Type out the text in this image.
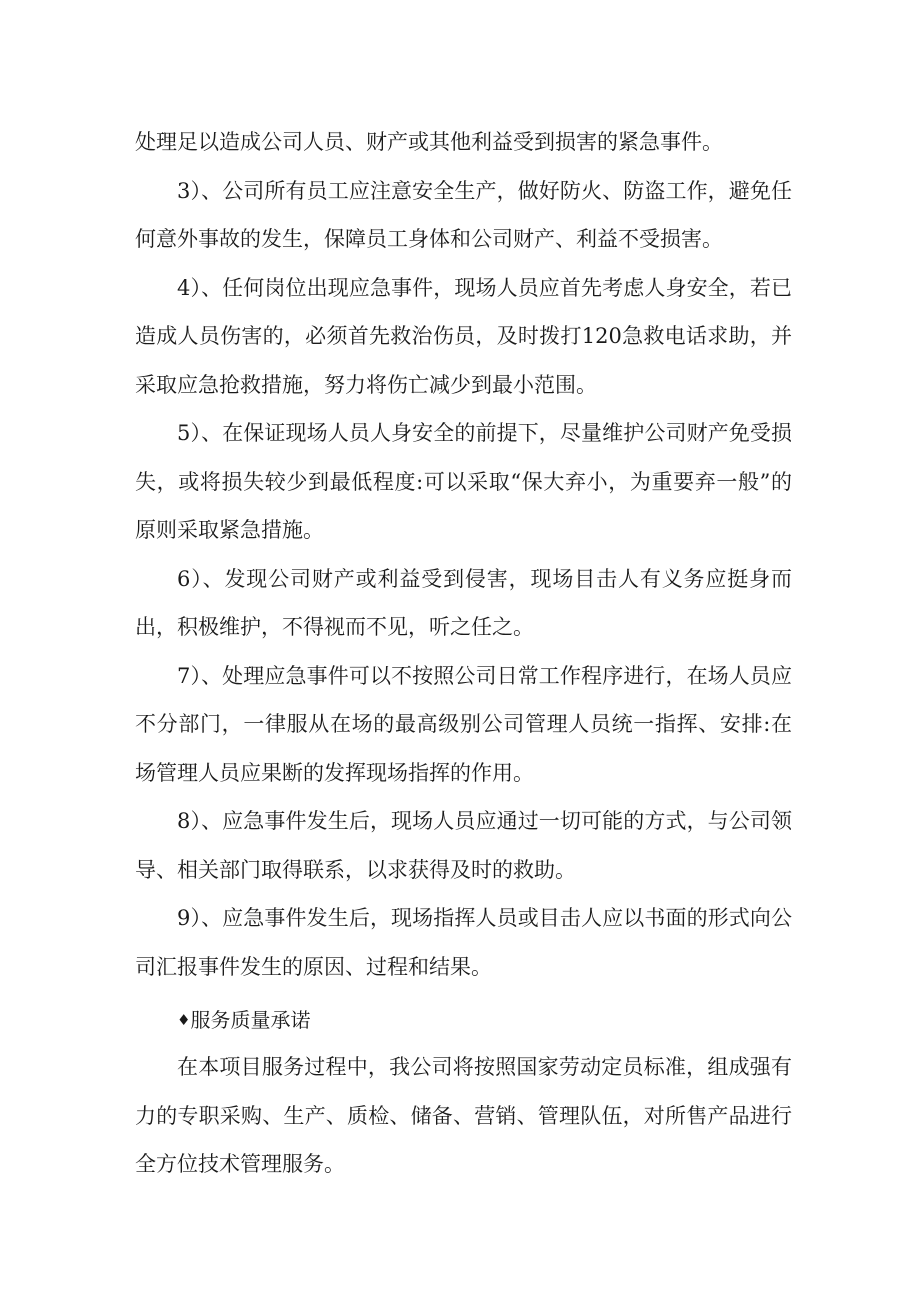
处理足以造成公司人员、财产或其他利益受到损害的紧急事件。

3）、公司所有员工应注意安全生产，做好防火、防盗工作，避免任何意外事故的发生，保障员工身体和公司财产、利益不受损害。

4）、任何岗位出现应急事件，现场人员应首先考虑人身安全，若已造成人员伤害的，必须首先救治伤员，及时拨打120急救电话求助，并采取应急抢救措施，努力将伤亡减少到最小范围。

5）、在保证现场人员人身安全的前提下，尽量维护公司财产免受损失，或将损失较少到最低程度:可以采取“保大弃小，为重要弃一般”的原则采取紧急措施。

6）、发现公司财产或利益受到侵害，现场目击人有义务应挺身而出，积极维护，不得视而不见，听之任之。

7）、处理应急事件可以不按照公司日常工作程序进行，在场人员应不分部门，一律服从在场的最高级别公司管理人员统一指挥、安排:在场管理人员应果断的发挥现场指挥的作用。

8）、应急事件发生后，现场人员应通过一切可能的方式，与公司领导、相关部门取得联系，以求获得及时的救助。

9）、应急事件发生后，现场指挥人员或目击人应以书面的形式向公司汇报事件发生的原因、过程和结果。

♦服务质量承诺

在本项目服务过程中，我公司将按照国家劳动定员标准，组成强有力的专职采购、生产、质检、储备、营销、管理队伍，对所售产品进行全方位技术管理服务。
